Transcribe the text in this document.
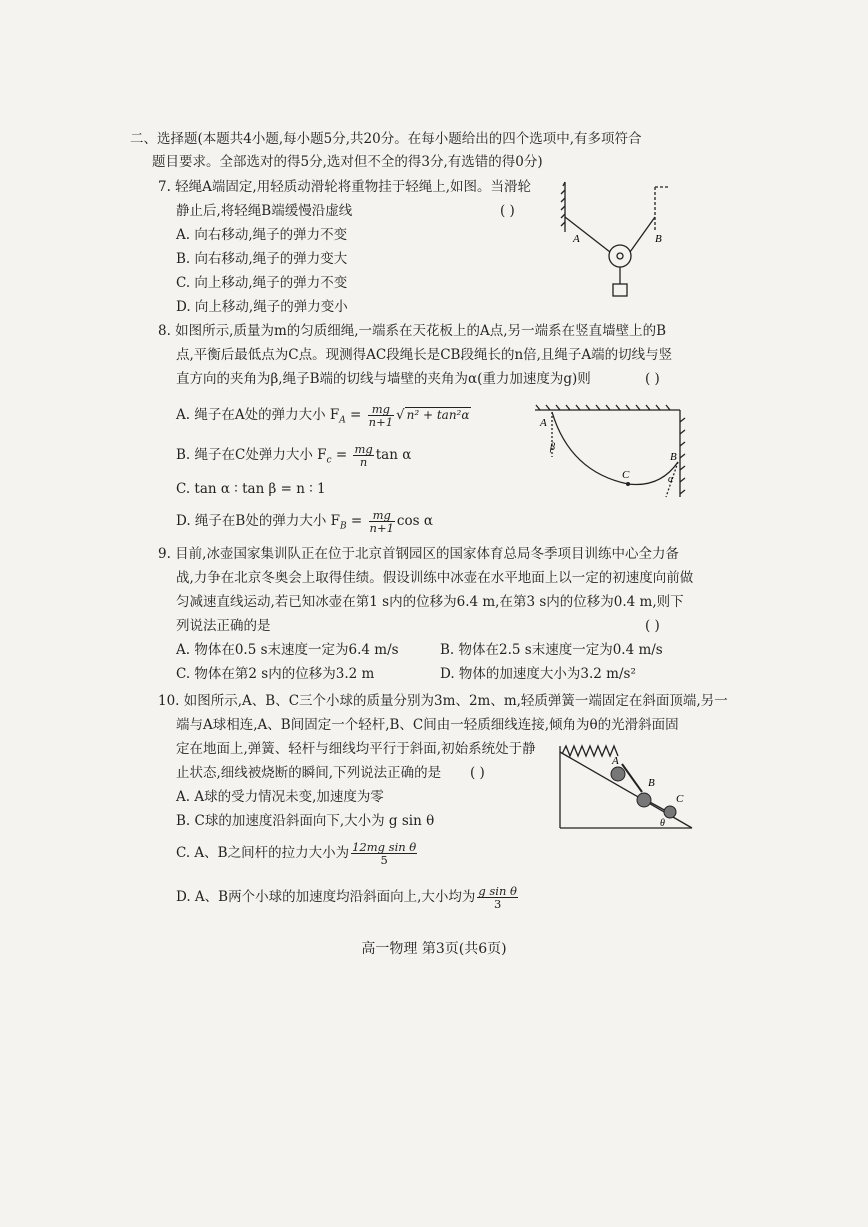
二、选择题(本题共4小题,每小题5分,共20分。在每小题给出的四个选项中,有多项符合
题目要求。全部选对的得5分,选对但不全的得3分,有选错的得0分)
7. 轻绳A端固定,用轻质动滑轮将重物挂于轻绳上,如图。当滑轮
静止后,将轻绳B端缓慢沿虚线	( )
A. 向右移动,绳子的弹力不变
B. 向右移动,绳子的弹力变大
C. 向上移动,绳子的弹力不变
D. 向上移动,绳子的弹力变小
A	B
8. 如图所示,质量为m的匀质细绳,一端系在天花板上的A点,另一端系在竖直墙壁上的B
点,平衡后最低点为C点。现测得AC段绳长是CB段绳长的n倍,且绳子A端的切线与竖
直方向的夹角为β,绳子B端的切线与墙壁的夹角为α(重力加速度为g)则	( )
A. 绳子在A处的弹力大小 $F_A = \frac{mg}{n+1}$ √ n² + tan²α
B. 绳子在C处弹力大小 $F_c = \frac{mg}{n}$ tan α
C. tan α ∶ tan β = n ∶ 1
D. 绳子在B处的弹力大小 $F_B = \frac{mg}{n+1}$ cos α
A
B
C
β
α
9. 目前,冰壶国家集训队正在位于北京首钢园区的国家体育总局冬季项目训练中心全力备
战,力争在北京冬奥会上取得佳绩。假设训练中冰壶在水平地面上以一定的初速度向前做
匀减速直线运动,若已知冰壶在第1 s内的位移为6.4 m,在第3 s内的位移为0.4 m,则下
列说法正确的是	( )
A. 物体在0.5 s末速度一定为6.4 m/s	B. 物体在2.5 s末速度一定为0.4 m/s
C. 物体在第2 s内的位移为3.2 m	D. 物体的加速度大小为3.2 m/s²
10. 如图所示,A、B、C三个小球的质量分别为3m、2m、m,轻质弹簧一端固定在斜面顶端,另一
端与A球相连,A、B间固定一个轻杆,B、C间由一轻质细线连接,倾角为θ的光滑斜面固
定在地面上,弹簧、轻杆与细线均平行于斜面,初始系统处于静
止状态,细线被烧断的瞬间,下列说法正确的是 ( )
A. A球的受力情况未变,加速度为零
B. C球的加速度沿斜面向下,大小为 g sin θ
C. A、B之间杆的拉力大小为 $\frac{\text{12mg sin θ}}{5}$
D. A、B两个小球的加速度均沿斜面向上,大小均为 $\frac{\text{g sin θ}}{3}$
A
B
C
θ
高一物理 第3页(共6页)
